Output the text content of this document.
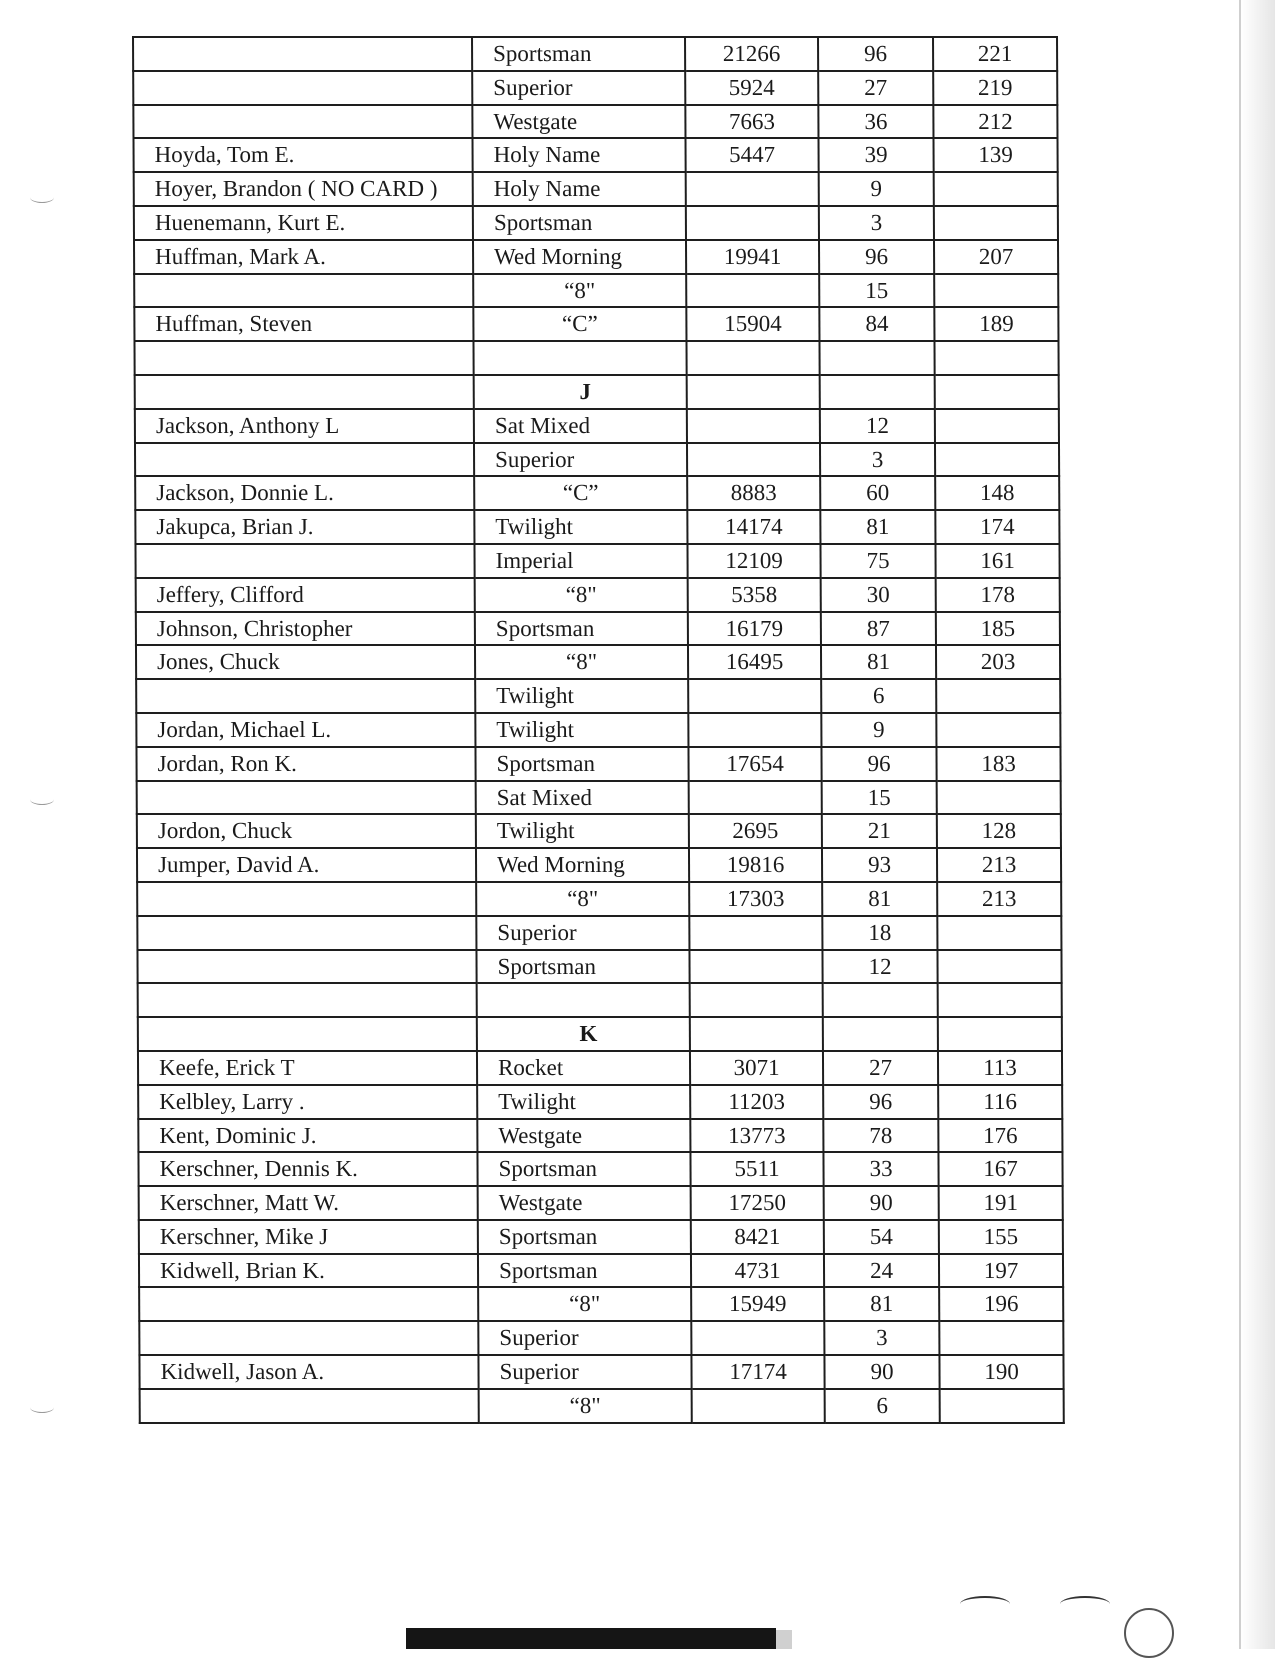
	Sportsman	21266	96	221
	Superior	5924	27	219
	Westgate	7663	36	212
Hoyda, Tom E.	Holy Name	5447	39	139
Hoyer, Brandon ( NO CARD )	Holy Name		9	
Huenemann, Kurt E.	Sportsman		3	
Huffman, Mark A.	Wed Morning	19941	96	207
	“8"		15	
Huffman, Steven	“C”	15904	84	189

	J			
Jackson, Anthony L	Sat Mixed		12	
	Superior		3	
Jackson, Donnie L.	“C”	8883	60	148
Jakupca, Brian J.	Twilight	14174	81	174
	Imperial	12109	75	161
Jeffery, Clifford	“8"	5358	30	178
Johnson, Christopher	Sportsman	16179	87	185
Jones, Chuck	“8"	16495	81	203
	Twilight		6	
Jordan, Michael L.	Twilight		9	
Jordan, Ron K.	Sportsman	17654	96	183
	Sat Mixed		15	
Jordon, Chuck	Twilight	2695	21	128
Jumper, David A.	Wed Morning	19816	93	213
	“8"	17303	81	213
	Superior		18	
	Sportsman		12	

	K			
Keefe, Erick T	Rocket	3071	27	113
Kelbley, Larry .	Twilight	11203	96	116
Kent, Dominic J.	Westgate	13773	78	176
Kerschner, Dennis K.	Sportsman	5511	33	167
Kerschner, Matt W.	Westgate	17250	90	191
Kerschner, Mike J	Sportsman	8421	54	155
Kidwell, Brian K.	Sportsman	4731	24	197
	“8"	15949	81	196
	Superior		3	
Kidwell, Jason A.	Superior	17174	90	190
	“8"		6	
